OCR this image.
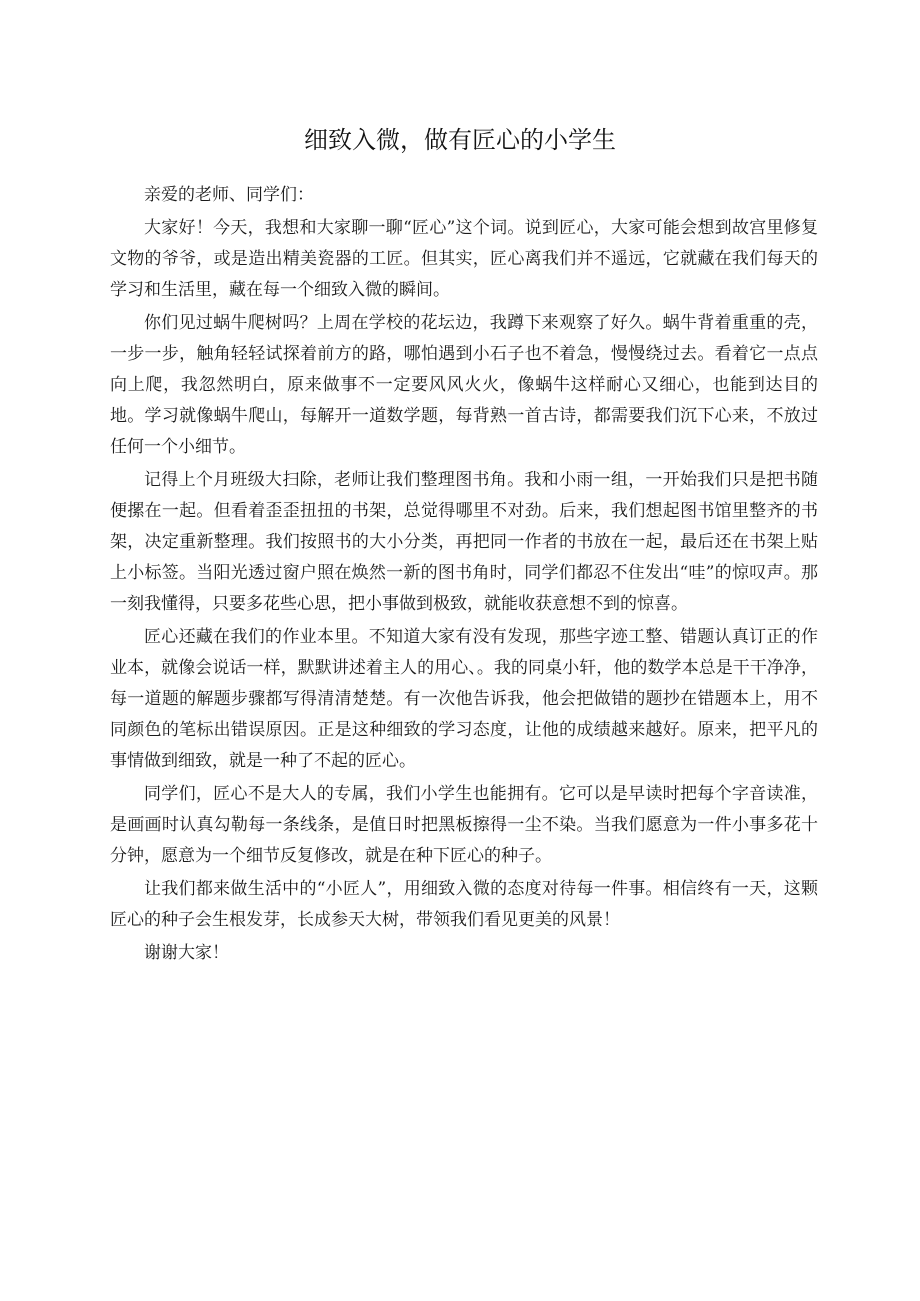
细致入微，做有匠心的小学生

亲爱的老师、同学们：

大家好！今天，我想和大家聊一聊“匠心”这个词。说到匠心，大家可能会想到故宫里修复文物的爷爷，或是造出精美瓷器的工匠。但其实，匠心离我们并不遥远，它就藏在我们每天的学习和生活里，藏在每一个细致入微的瞬间。

你们见过蜗牛爬树吗？上周在学校的花坛边，我蹲下来观察了好久。蜗牛背着重重的壳，一步一步，触角轻轻试探着前方的路，哪怕遇到小石子也不着急，慢慢绕过去。看着它一点点向上爬，我忽然明白，原来做事不一定要风风火火，像蜗牛这样耐心又细心，也能到达目的地。学习就像蜗牛爬山，每解开一道数学题，每背熟一首古诗，都需要我们沉下心来，不放过任何一个小细节。

记得上个月班级大扫除，老师让我们整理图书角。我和小雨一组，一开始我们只是把书随便摞在一起。但看着歪歪扭扭的书架，总觉得哪里不对劲。后来，我们想起图书馆里整齐的书架，决定重新整理。我们按照书的大小分类，再把同一作者的书放在一起，最后还在书架上贴上小标签。当阳光透过窗户照在焕然一新的图书角时，同学们都忍不住发出“哇”的惊叹声。那一刻我懂得，只要多花些心思，把小事做到极致，就能收获意想不到的惊喜。

匠心还藏在我们的作业本里。不知道大家有没有发现，那些字迹工整、错题认真订正的作业本，就像会说话一样，默默讲述着主人的用心、。我的同桌小轩，他的数学本总是干干净净，每一道题的解题步骤都写得清清楚楚。有一次他告诉我，他会把做错的题抄在错题本上，用不同颜色的笔标出错误原因。正是这种细致的学习态度，让他的成绩越来越好。原来，把平凡的事情做到细致，就是一种了不起的匠心。

同学们，匠心不是大人的专属，我们小学生也能拥有。它可以是早读时把每个字音读准，是画画时认真勾勒每一条线条，是值日时把黑板擦得一尘不染。当我们愿意为一件小事多花十分钟，愿意为一个细节反复修改，就是在种下匠心的种子。

让我们都来做生活中的“小匠人”，用细致入微的态度对待每一件事。相信终有一天，这颗匠心的种子会生根发芽，长成参天大树，带领我们看见更美的风景！

谢谢大家！
